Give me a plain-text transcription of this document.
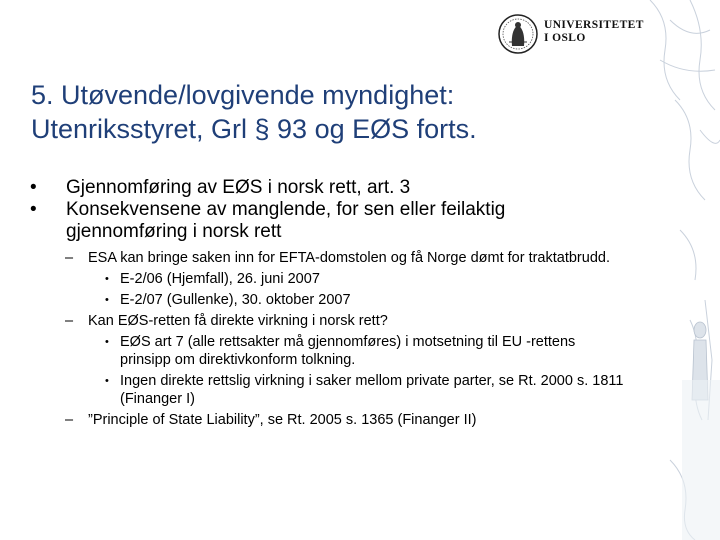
UNIVERSITETET
I OSLO
5. Utøvende/lovgivende myndighet:
Utenriksstyret, Grl § 93 og EØS forts.
•	Gjennomføring av EØS i norsk rett, art. 3
•	Konsekvensene av manglende, for sen eller feilaktig gjennomføring i norsk rett
– ESA kan bringe saken inn for EFTA-domstolen og få Norge dømt for traktatbrudd.
• E-2/06 (Hjemfall), 26. juni 2007
• E-2/07 (Gullenke), 30. oktober 2007
– Kan EØS-retten få direkte virkning i norsk rett?
• EØS art 7 (alle rettsakter må gjennomføres) i motsetning til EU -rettens prinsipp om direktivkonform tolkning.
• Ingen direkte rettslig virkning i saker mellom private parter, se Rt. 2000 s. 1811 (Finanger I)
– ”Principle of State Liability”, se Rt. 2005 s. 1365 (Finanger II)
